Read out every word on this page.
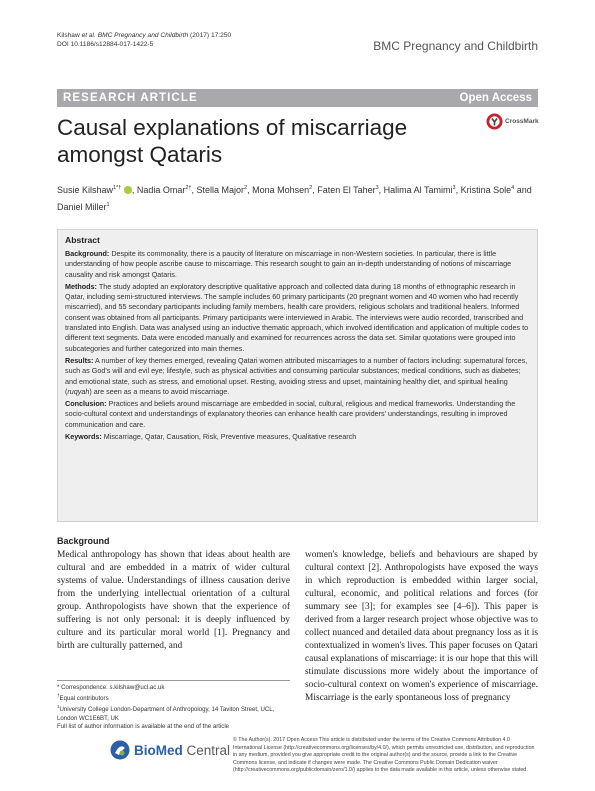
Kilshaw et al. BMC Pregnancy and Childbirth (2017) 17:250
DOI 10.1186/s12884-017-1422-5	BMC Pregnancy and Childbirth
RESEARCH ARTICLE	Open Access
Causal explanations of miscarriage amongst Qataris
CrossMark
Susie Kilshaw$^{1*\dagger}$ , Nadia Omar$^{2\dagger}$, Stella Major$^2$, Mona Mohsen$^2$, Faten El Taher$^3$, Halima Al Tamimi$^3$, Kristina Sole$^4$ and Daniel Miller$^1$
Abstract

Background: Despite its commonality, there is a paucity of literature on miscarriage in non-Western societies. In particular, there is little understanding of how people ascribe cause to miscarriage. This research sought to gain an in-depth understanding of notions of miscarriage causality and risk amongst Qataris.

Methods: The study adopted an exploratory descriptive qualitative approach and collected data during 18 months of ethnographic research in Qatar, including semi-structured interviews. The sample includes 60 primary participants (20 pregnant women and 40 women who had recently miscarried), and 55 secondary participants including family members, health care providers, religious scholars and traditional healers. Informed consent was obtained from all participants. Primary participants were interviewed in Arabic. The interviews were audio recorded, transcribed and translated into English. Data was analysed using an inductive thematic approach, which involved identification and application of multiple codes to different text segments. Data were encoded manually and examined for recurrences across the data set. Similar quotations were grouped into subcategories and further categorized into main themes.

Results: A number of key themes emerged, revealing Qatari women attributed miscarriages to a number of factors including: supernatural forces, such as God's will and evil eye; lifestyle, such as physical activities and consuming particular substances; medical conditions, such as diabetes; and emotional state, such as stress, and emotional upset. Resting, avoiding stress and upset, maintaining healthy diet, and spiritual healing (ruqyah) are seen as a means to avoid miscarriage.

Conclusion: Practices and beliefs around miscarriage are embedded in social, cultural, religious and medical frameworks. Understanding the socio-cultural context and understandings of explanatory theories can enhance health care providers' understandings, resulting in improved communication and care.

Keywords: Miscarriage, Qatar, Causation, Risk, Preventive measures, Qualitative research

Background

Medical anthropology has shown that ideas about health are cultural and are embedded in a matrix of wider cultural systems of value. Understandings of illness causation derive from the underlying intellectual orientation of a cultural group. Anthropologists have shown that the experience of suffering is not only personal: it is deeply influenced by culture and its particular moral world [1]. Pregnancy and birth are culturally patterned, and

women's knowledge, beliefs and behaviours are shaped by cultural context [2]. Anthropologists have exposed the ways in which reproduction is embedded within larger social, cultural, economic, and political relations and forces (for summary see [3]; for examples see [4–6]). This paper is derived from a larger research project whose objective was to collect nuanced and detailed data about pregnancy loss as it is contextualized in women's lives. This paper focuses on Qatari causal explanations of miscarriage: it is our hope that this will stimulate discussions more widely about the importance of socio-cultural context on women's experience of miscarriage. Miscarriage is the early spontaneous loss of pregnancy

* Correspondence: s.kilshaw@ucl.ac.uk
†Equal contributors
$^1$University College London-Department of Anthropology, 14 Taviton Street, UCL, London WC1E6BT, UK
Full list of author information is available at the end of the article
BioMed Central
© The Author(s). 2017 Open Access This article is distributed under the terms of the Creative Commons Attribution 4.0 International License (http://creativecommons.org/licenses/by/4.0/), which permits unrestricted use, distribution, and reproduction in any medium, provided you give appropriate credit to the original author(s) and the source, provide a link to the Creative Commons license, and indicate if changes were made. The Creative Commons Public Domain Dedication waiver (http://creativecommons.org/publicdomain/zero/1.0/) applies to the data made available in this article, unless otherwise stated.
